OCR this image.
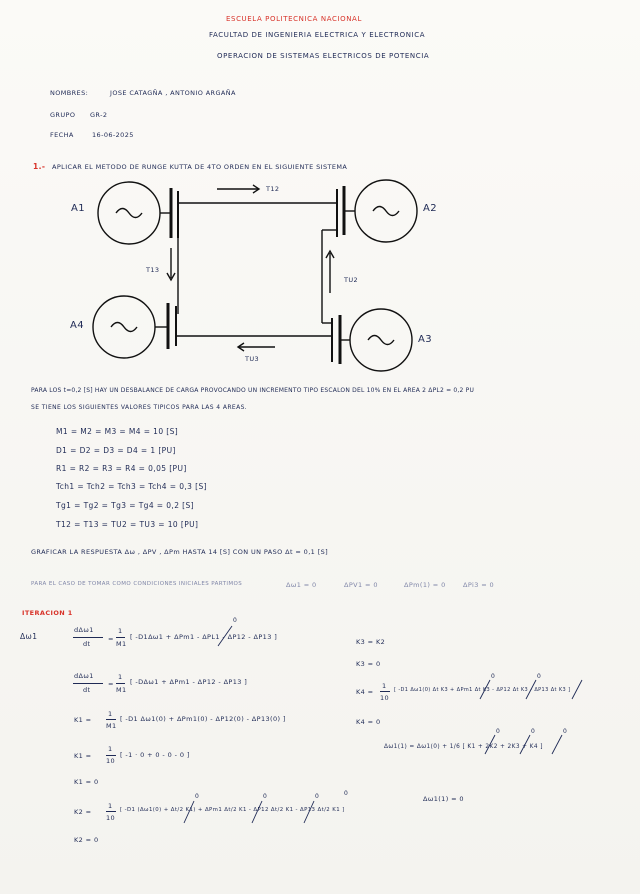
ESCUELA POLITECNICA NACIONAL
FACULTAD DE INGENIERIA ELECTRICA Y ELECTRONICA
OPERACION DE SISTEMAS ELECTRICOS DE POTENCIA
NOMBRES:	JOSE CATAGÑA , ANTONIO ARGAÑA
GRUPO GR-2
FECHA	16-06-2025
1.- APLICAR EL METODO DE RUNGE KUTTA DE 4TO ORDEN EN EL SIGUIENTE SISTEMA
A1	A2
A3
A4
T12
T13
TU2
TU3
PARA LOS t=0,2 [S] HAY UN DESBALANCE DE CARGA PROVOCANDO UN INCREMENTO TIPO ESCALON DEL 10% EN EL AREA 2 ΔPL2 = 0,2 PU
SE TIENE LOS SIGUIENTES VALORES TIPICOS PARA LAS 4 AREAS.
M1 = M2 = M3 = M4 = 10 [S]
D1 = D2 = D3 = D4 = 1 [PU]
R1 = R2 = R3 = R4 = 0,05 [PU]
Tch1 = Tch2 = Tch3 = Tch4 = 0,3 [S]
Tg1 = Tg2 = Tg3 = Tg4 = 0,2 [S]
T12 = T13 = TU2 = TU3 = 10 [PU]
GRAFICAR LA RESPUESTA Δω , ΔPV , ΔPm HASTA 14 [S] CON UN PASO Δt = 0,1 [S]
PARA EL CASO DE TOMAR COMO CONDICIONES INICIALES PARTIMOS	Δω1 = 0	ΔPV1 = 0	ΔPm(1) = 0	ΔPi3 = 0
ITERACION 1
Δω1
dΔω1
dt
=
1
M1
[ -D1Δω1 + ΔPm1 - ΔPL1 - ΔP12 - ΔP13 ]
dΔω1
dt
=
1
M1
[ -DΔω1 + ΔPm1 - ΔP12 - ΔP13 ]
K1 =
1
M1
[ -D1 Δω1(0) + ΔPm1(0) - ΔP12(0) - ΔP13(0) ]
K1 =
1
10
[ -1 · 0 + 0 - 0 - 0 ]
K1 = 0
K2 =
1
10
[ -D1 (Δω1(0) + Δt/2 K1) + ΔPm1 Δt/2 K1 - ΔP12 Δt/2 K1 - ΔP13 Δt/2 K1 ]
K2 = 0
K3 = K2
K3 = 0
K4 =
1
10
[ -D1 Δω1(0) Δt K3 + ΔPm1 Δt K3 - ΔP12 Δt K3 - ΔP13 Δt K3 ]
K4 = 0
Δω1(1) = Δω1(0) + 1/6 [ K1 + 2K2 + 2K3 + K4 ]
Δω1(1) = 0
0
0	0	0	0
0	0
0	0	0
